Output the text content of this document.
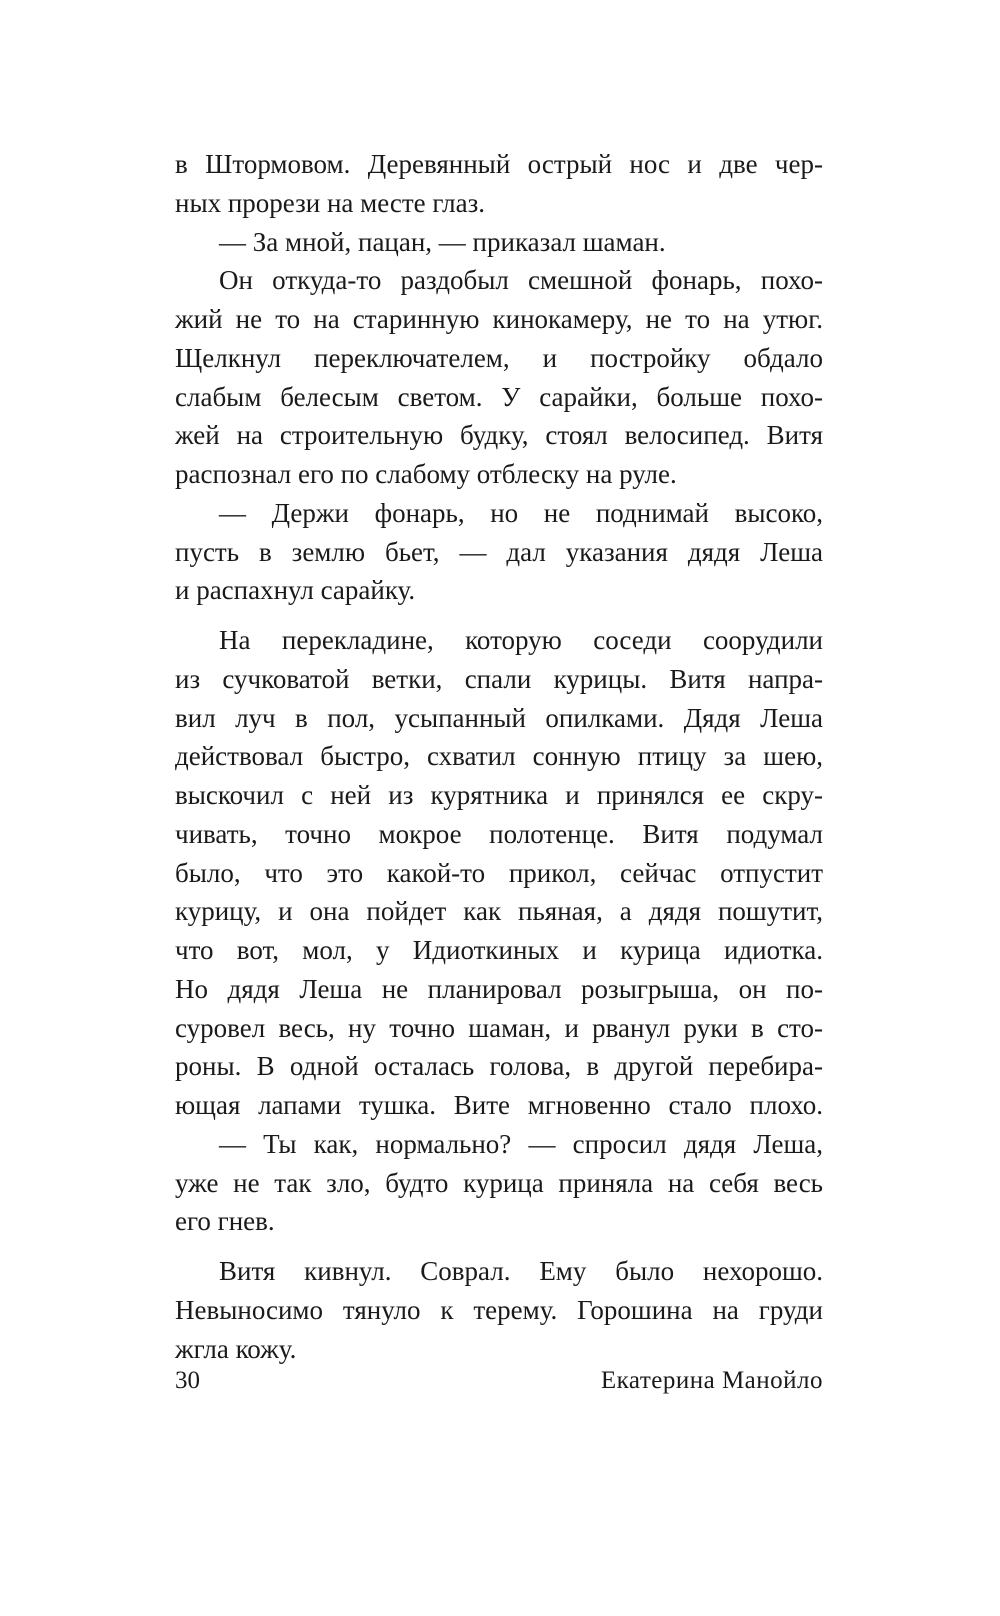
в Штормовом. Деревянный острый нос и две чер-
ных прорези на месте глаз.
— За мной, пацан, — приказал шаман.
Он откуда-то раздобыл смешной фонарь, похо-
жий не то на старинную кинокамеру, не то на утюг.
Щелкнул переключателем, и постройку обдало
слабым белесым светом. У сарайки, больше похо-
жей на строительную будку, стоял велосипед. Витя
распознал его по слабому отблеску на руле.
— Держи фонарь, но не поднимай высоко,
пусть в землю бьет, — дал указания дядя Леша
и распахнул сарайку.
На перекладине, которую соседи соорудили
из сучковатой ветки, спали курицы. Витя напра-
вил луч в пол, усыпанный опилками. Дядя Леша
действовал быстро, схватил сонную птицу за шею,
выскочил с ней из курятника и принялся ее скру-
чивать, точно мокрое полотенце. Витя подумал
было, что это какой-то прикол, сейчас отпустит
курицу, и она пойдет как пьяная, а дядя пошутит,
что вот, мол, у Идиоткиных и курица идиотка.
Но дядя Леша не планировал розыгрыша, он по-
суровел весь, ну точно шаман, и рванул руки в сто-
роны. В одной осталась голова, в другой перебира-
ющая лапами тушка. Вите мгновенно стало плохо.
— Ты как, нормально? — спросил дядя Леша,
уже не так зло, будто курица приняла на себя весь
его гнев.
Витя кивнул. Соврал. Ему было нехорошо.
Невыносимо тянуло к терему. Горошина на груди
жгла кожу.
30	Екатерина Манойло
